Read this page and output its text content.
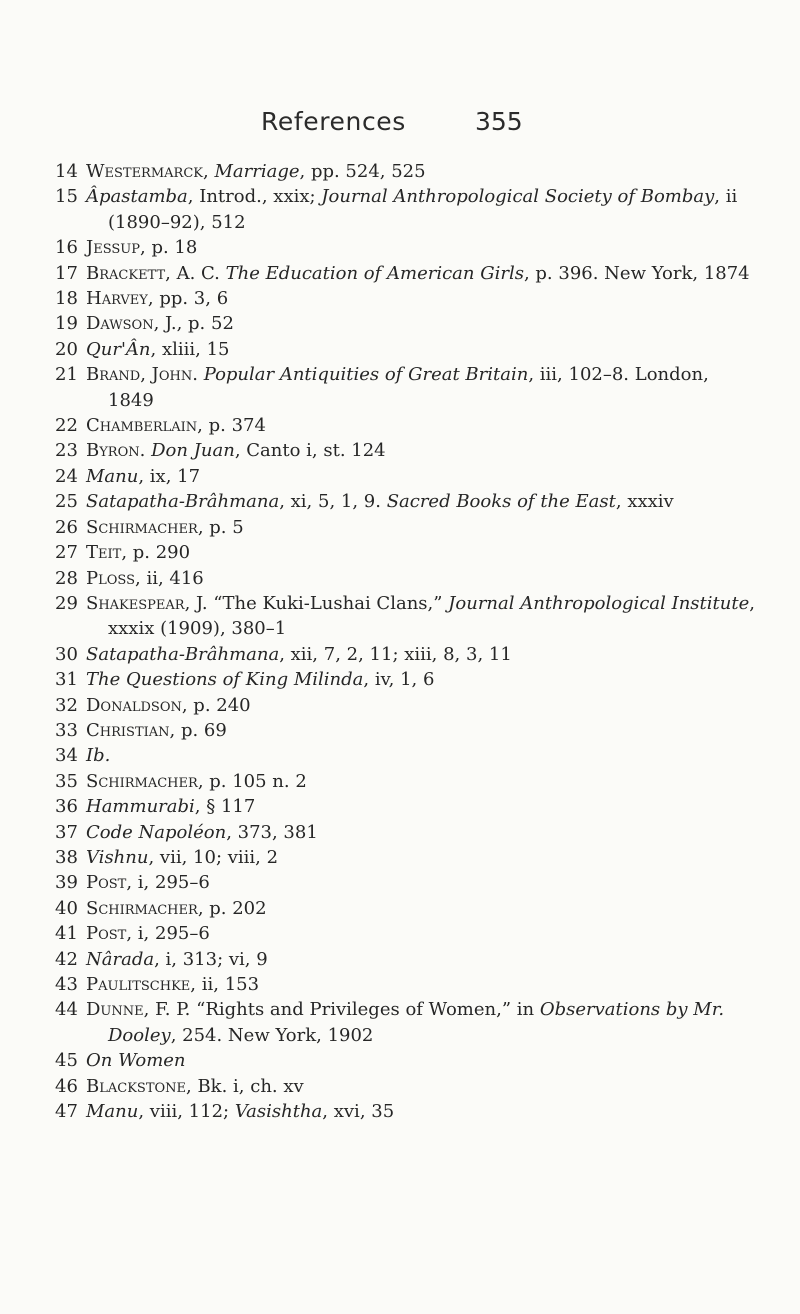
References	355
14 Westermarck, Marriage, pp. 524, 525
15 Âpastamba, Introd., xxix; Journal Anthropological Society of Bombay, ii (1890–92), 512
16 Jessup, p. 18
17 Brackett, A. C. The Education of American Girls, p. 396. New York, 1874
18 Harvey, pp. 3, 6
19 Dawson, J., p. 52
20 Qur'Ân, xliii, 15
21 Brand, John. Popular Antiquities of Great Britain, iii, 102–8. London, 1849
22 Chamberlain, p. 374
23 Byron. Don Juan, Canto i, st. 124
24 Manu, ix, 17
25 Satapatha-Brâhmana, xi, 5, 1, 9. Sacred Books of the East, xxxiv
26 Schirmacher, p. 5
27 Teit, p. 290
28 Ploss, ii, 416
29 Shakespear, J. “The Kuki-Lushai Clans,” Journal Anthropological Institute, xxxix (1909), 380–1
30 Satapatha-Brâhmana, xii, 7, 2, 11; xiii, 8, 3, 11
31 The Questions of King Milinda, iv, 1, 6
32 Donaldson, p. 240
33 Christian, p. 69
34 Ib.
35 Schirmacher, p. 105 n. 2
36 Hammurabi, § 117
37 Code Napoléon, 373, 381
38 Vishnu, vii, 10; viii, 2
39 Post, i, 295–6
40 Schirmacher, p. 202
41 Post, i, 295–6
42 Nârada, i, 313; vi, 9
43 Paulitschke, ii, 153
44 Dunne, F. P. “Rights and Privileges of Women,” in Observations by Mr. Dooley, 254. New York, 1902
45 On Women
46 Blackstone, Bk. i, ch. xv
47 Manu, viii, 112; Vasishtha, xvi, 35
